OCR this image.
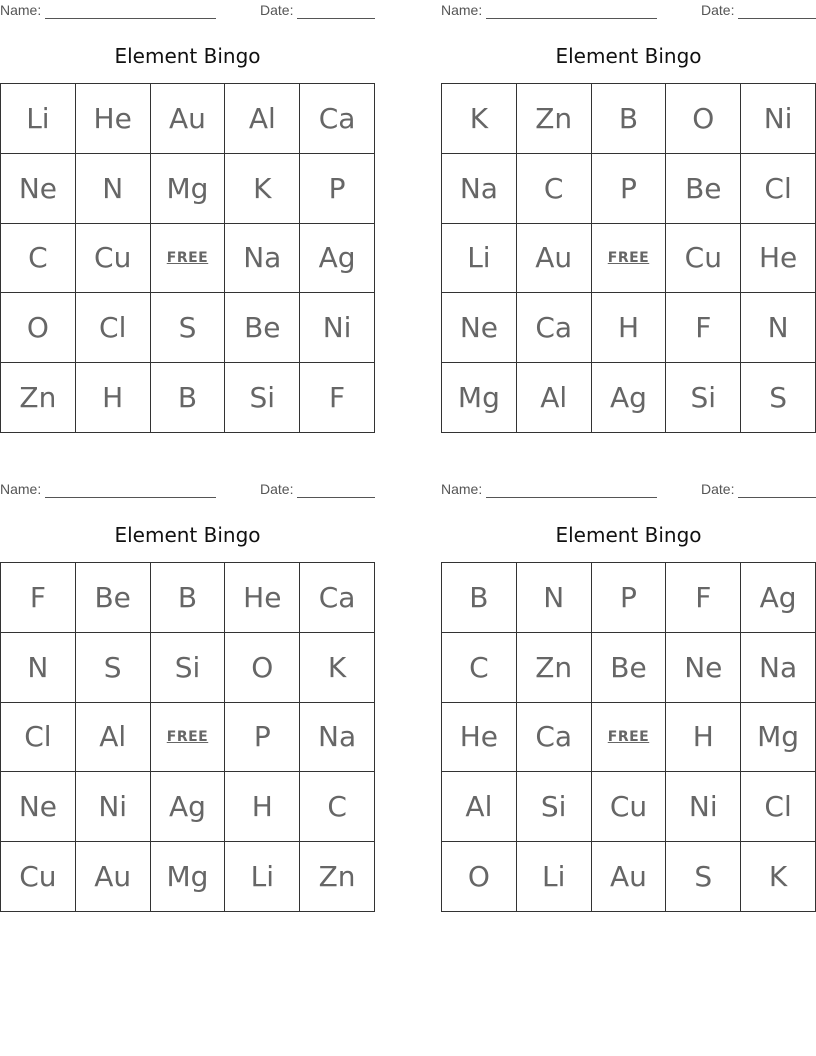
Name:	Date:
Element Bingo
Li	He	Au	Al	Ca
Ne	N	Mg	K	P
C	Cu	FREE	Na	Ag
O	Cl	S	Be	Ni
Zn	H	B	Si	F
Name:	Date:
Element Bingo
K	Zn	B	O	Ni
Na	C	P	Be	Cl
Li	Au	FREE	Cu	He
Ne	Ca	H	F	N
Mg	Al	Ag	Si	S
Name:	Date:
Element Bingo
F	Be	B	He	Ca
N	S	Si	O	K
Cl	Al	FREE	P	Na
Ne	Ni	Ag	H	C
Cu	Au	Mg	Li	Zn
Name:	Date:
Element Bingo
B	N	P	F	Ag
C	Zn	Be	Ne	Na
He	Ca	FREE	H	Mg
Al	Si	Cu	Ni	Cl
O	Li	Au	S	K
